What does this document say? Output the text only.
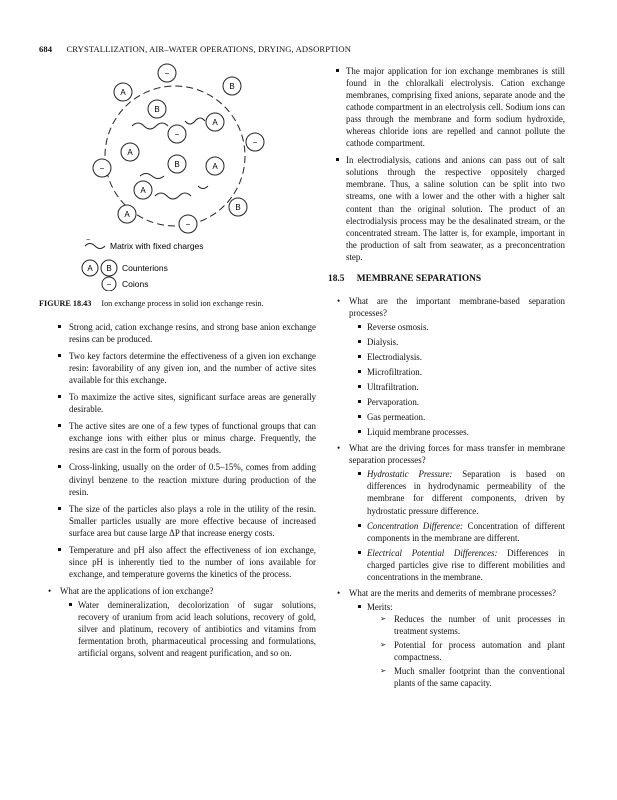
684 CRYSTALLIZATION, AIR–WATER OPERATIONS, DRYING, ADSORPTION
A
A
A
A
A
A
B
B
B
B
−
−
−
−
−
−
Matrix with fixed charges
A B Counterions
− Coions
FIGURE 18.43 Ion exchange process in solid ion exchange resin.
Strong acid, cation exchange resins, and strong base anion exchange resins can be produced.
Two key factors determine the effectiveness of a given ion exchange resin: favorability of any given ion, and the number of active sites available for this exchange.
To maximize the active sites, significant surface areas are generally desirable.
The active sites are one of a few types of functional groups that can exchange ions with either plus or minus charge. Frequently, the resins are cast in the form of porous beads.
Cross-linking, usually on the order of 0.5–15%, comes from adding divinyl benzene to the reaction mixture during production of the resin.
The size of the particles also plays a role in the utility of the resin. Smaller particles usually are more effective because of increased surface area but cause large ΔP that increase energy costs.
Temperature and pH also affect the effectiveness of ion exchange, since pH is inherently tied to the number of ions available for exchange, and temperature governs the kinetics of the process.
• What are the applications of ion exchange?
Water demineralization, decolorization of sugar solutions, recovery of uranium from acid leach solutions, recovery of gold, silver and platinum, recovery of antibiotics and vitamins from fermentation broth, pharmaceutical processing and formulations, artificial organs, solvent and reagent purification, and so on.
The major application for ion exchange membranes is still found in the chloralkali electrolysis. Cation exchange membranes, comprising fixed anions, separate anode and the cathode compartment in an electrolysis cell. Sodium ions can pass through the membrane and form sodium hydroxide, whereas chloride ions are repelled and cannot pollute the cathode compartment.
In electrodialysis, cations and anions can pass out of salt solutions through the respective oppositely charged membrane. Thus, a saline solution can be split into two streams, one with a lower and the other with a higher salt content than the original solution. The product of an electrodialysis process may be the desalinated stream, or the concentrated stream. The latter is, for example, important in the production of salt from seawater, as a preconcentration step.
18.5 MEMBRANE SEPARATIONS
• What are the important membrane-based separation processes?
Reverse osmosis.
Dialysis.
Electrodialysis.
Microfiltration.
Ultrafiltration.
Pervaporation.
Gas permeation.
Liquid membrane processes.
• What are the driving forces for mass transfer in membrane separation processes?
Hydrostatic Pressure: Separation is based on differences in hydrodynamic permeability of the membrane for different components, driven by hydrostatic pressure difference.
Concentration Difference: Concentration of different components in the membrane are different.
Electrical Potential Differences: Differences in charged particles give rise to different mobilities and concentrations in the membrane.
• What are the merits and demerits of membrane processes?
Merits:
➢ Reduces the number of unit processes in treatment systems.
➢ Potential for process automation and plant compactness.
➢ Much smaller footprint than the conventional plants of the same capacity.
